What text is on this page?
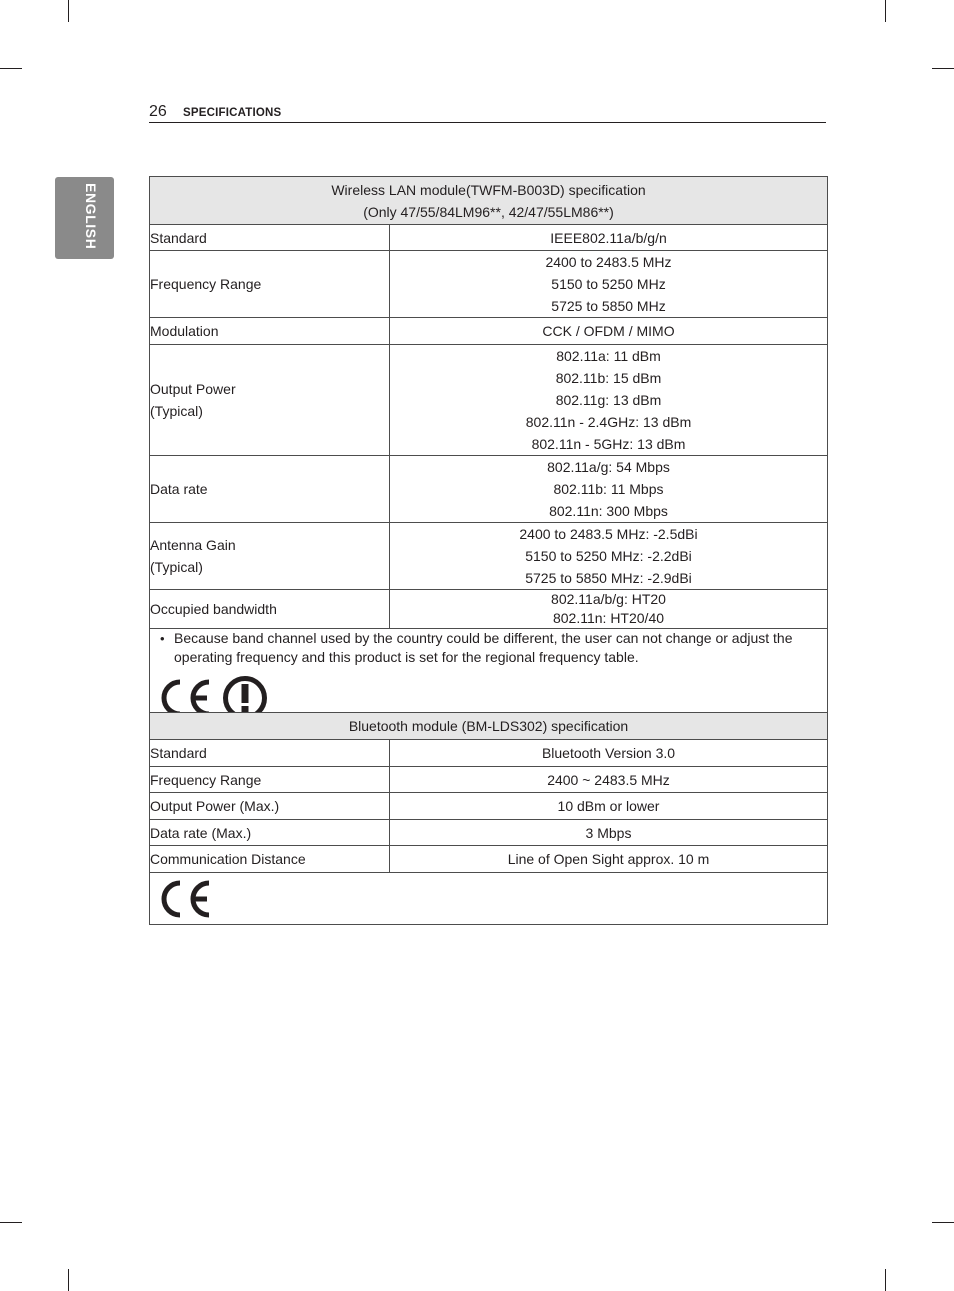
26 SPECIFICATIONS
ENGLISH	Wireless LAN module(TWFM-B003D) specification
(Only 47/55/84LM96**, 42/47/55LM86**)	

Standard	IEEE802.11a/b/g/n

Frequency Range	2400 to 2483.5 MHz
5150 to 5250 MHz
5725 to 5850 MHz

Modulation	CCK / OFDM / MIMO

Output Power
(Typical)	802.11a: 11 dBm
802.11b: 15 dBm
802.11g: 13 dBm
802.11n - 2.4GHz: 13 dBm
802.11n - 5GHz: 13 dBm

Data rate	802.11a/g: 54 Mbps
802.11b: 11 Mbps
802.11n: 300 Mbps

Antenna Gain
(Typical)	2400 to 2483.5 MHz: -2.5dBi
5150 to 5250 MHz: -2.2dBi
5725 to 5850 MHz: -2.9dBi

Occupied bandwidth	802.11a/b/g: HT20
802.11n: HT20/40

• Because band channel used by the country could be different, the user can not change or adjust the operating frequency and this product is set for the regional frequency table.	
Bluetooth module (BM-LDS302) specification	
Standard	Bluetooth Version 3.0
Frequency Range	2400 ~ 2483.5 MHz
Output Power (Max.)	10 dBm or lower
Data rate (Max.)	3 Mbps
Communication Distance	Line of Open Sight approx. 10 m
